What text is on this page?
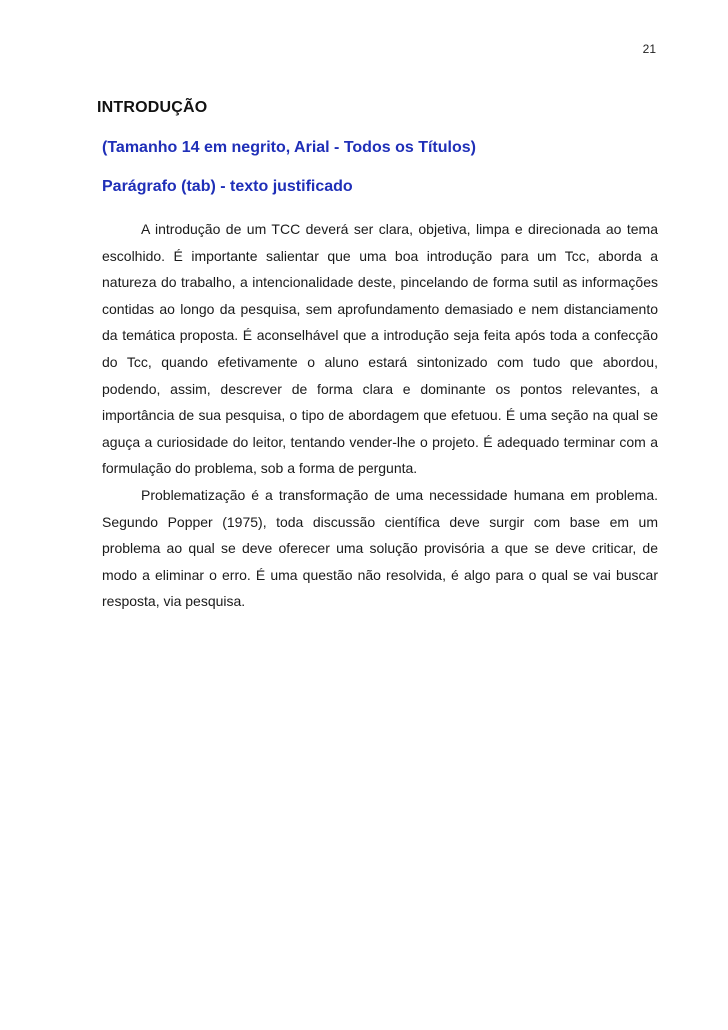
21
INTRODUÇÃO
(Tamanho 14 em negrito, Arial - Todos os Títulos)
Parágrafo (tab) - texto justificado

A introdução de um TCC deverá ser clara, objetiva, limpa e direcionada ao tema escolhido. É importante salientar que uma boa introdução para um Tcc, aborda a natureza do trabalho, a intencionalidade deste, pincelando de forma sutil as informações contidas ao longo da pesquisa, sem aprofundamento demasiado e nem distanciamento da temática proposta. É aconselhável que a introdução seja feita após toda a confecção do Tcc, quando efetivamente o aluno estará sintonizado com tudo que abordou, podendo, assim, descrever de forma clara e dominante os pontos relevantes, a importância de sua pesquisa, o tipo de abordagem que efetuou. É uma seção na qual se aguça a curiosidade do leitor, tentando vender-lhe o projeto. É adequado terminar com a formulação do problema, sob a forma de pergunta.

Problematização é a transformação de uma necessidade humana em problema. Segundo Popper (1975), toda discussão científica deve surgir com base em um problema ao qual se deve oferecer uma solução provisória a que se deve criticar, de modo a eliminar o erro. É uma questão não resolvida, é algo para o qual se vai buscar resposta, via pesquisa.
